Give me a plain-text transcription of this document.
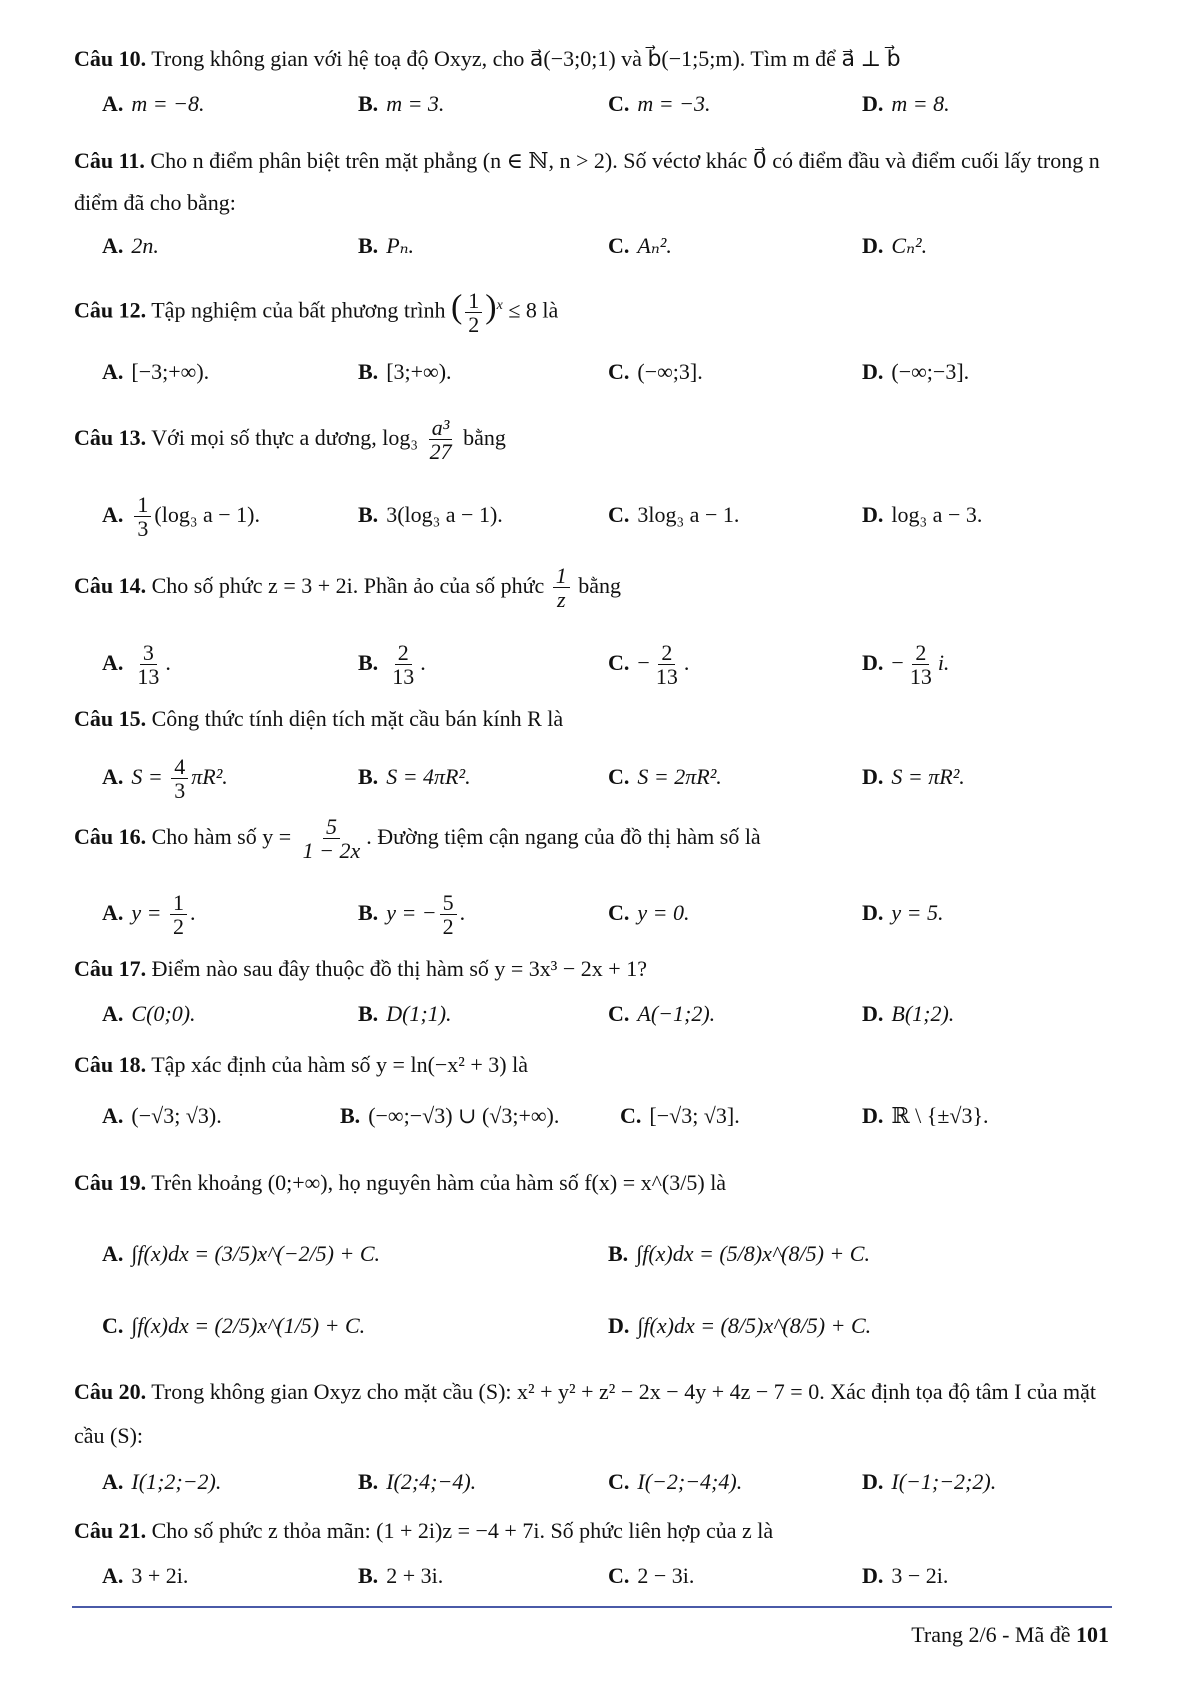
Câu 10. Trong không gian với hệ toạ độ Oxyz, cho a⃗(−3;0;1) và b⃗(−1;5;m). Tìm m để a⃗ ⊥ b⃗
A. m = −8.	B. m = 3.	C. m = −3.	D. m = 8.
Câu 11. Cho n điểm phân biệt trên mặt phẳng (n ∈ ℕ, n > 2). Số véctơ khác 0⃗ có điểm đầu và điểm cuối lấy trong n điểm đã cho bằng:
A. 2n.	B. Pₙ.	C. Aₙ².	D. Cₙ².
Câu 12. Tập nghiệm của bất phương trình ( $\frac{1}{2} )^x \le 8$ là
A. [−3;+∞).	B. [3;+∞).	C. (−∞;3].	D. (−∞;−3].
Câu 13. Với mọi số thực a dương, $\log_3 \frac{\text{a³}}{27}$ bằng
A. $\frac{1}{3} (\log_3$ a − 1).	B. 3(log₃ a − 1).	C. 3log₃ a − 1.	D. log₃ a − 3.
Câu 14. Cho số phức z = 3 + 2i. Phần ảo của số phức $\frac{1}{z}$ bằng
A. $\frac{3}{13}$ .	B. $\frac{2}{13}$ .	C. − $\frac{2}{13}$ .	D. − $\frac{2}{13} i$.
Câu 15. Công thức tính diện tích mặt cầu bán kính R là
A. $S = \frac{4}{3} \pi R^2$.	B. S = 4πR².	C. S = 2πR².	D. S = πR².
Câu 16. Cho hàm số $y = \frac{5}{1 - 2x}$ . Đường tiệm cận ngang của đồ thị hàm số là
A. $y = \frac{1}{2}$ .	B. y = − $\frac{5}{2}$ .	C. y = 0.	D. y = 5.
Câu 17. Điểm nào sau đây thuộc đồ thị hàm số y = 3x³ − 2x + 1?
A. C(0;0).	B. D(1;1).	C. A(−1;2).	D. B(1;2).
Câu 18. Tập xác định của hàm số y = ln(−x² + 3) là
A. (−√3; √3).	B. (−∞;−√3) ∪ (√3;+∞).	C. [−√3; √3].	D. ℝ \ {±√3}.
Câu 19. Trên khoảng (0;+∞), họ nguyên hàm của hàm số f(x) = x^(3/5) là
A. ∫f(x)dx = (3/5)x^(−2/5) + C.	B. ∫f(x)dx = (5/8)x^(8/5) + C.
C. ∫f(x)dx = (2/5)x^(1/5) + C.	D. ∫f(x)dx = (8/5)x^(8/5) + C.
Câu 20. Trong không gian Oxyz cho mặt cầu (S): x² + y² + z² − 2x − 4y + 4z − 7 = 0. Xác định tọa độ tâm I của mặt cầu (S):
A. I(1;2;−2).	B. I(2;4;−4).	C. I(−2;−4;4).	D. I(−1;−2;2).
Câu 21. Cho số phức z thỏa mãn: (1 + 2i)z = −4 + 7i. Số phức liên hợp của z là
A. 3 + 2i.	B. 2 + 3i.	C. 2 − 3i.	D. 3 − 2i.
Trang 2/6 - Mã đề 101
